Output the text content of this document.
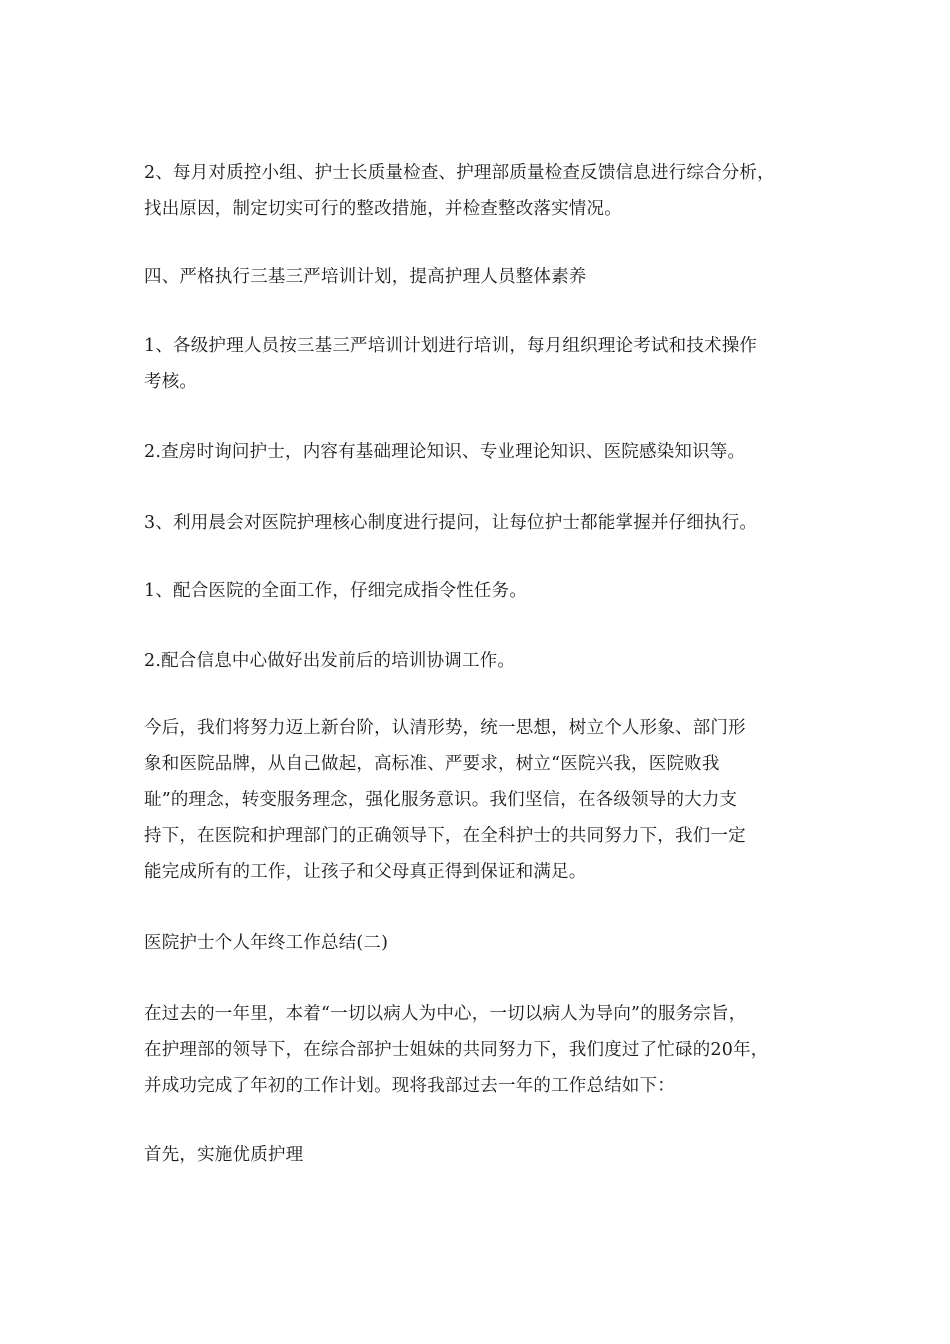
2、每月对质控小组、护士长质量检查、护理部质量检查反馈信息进行综合分析，
找出原因，制定切实可行的整改措施，并检查整改落实情况。
四、严格执行三基三严培训计划，提高护理人员整体素养
1、各级护理人员按三基三严培训计划进行培训，每月组织理论考试和技术操作
考核。
2.查房时询问护士，内容有基础理论知识、专业理论知识、医院感染知识等。
3、利用晨会对医院护理核心制度进行提问，让每位护士都能掌握并仔细执行。
1、配合医院的全面工作，仔细完成指令性任务。
2.配合信息中心做好出发前后的培训协调工作。
今后，我们将努力迈上新台阶，认清形势，统一思想，树立个人形象、部门形
象和医院品牌，从自己做起，高标准、严要求，树立“医院兴我，医院败我
耻”的理念，转变服务理念，强化服务意识。我们坚信，在各级领导的大力支
持下，在医院和护理部门的正确领导下，在全科护士的共同努力下，我们一定
能完成所有的工作，让孩子和父母真正得到保证和满足。
医院护士个人年终工作总结(二)
在过去的一年里，本着“一切以病人为中心，一切以病人为导向”的服务宗旨，
在护理部的领导下，在综合部护士姐妹的共同努力下，我们度过了忙碌的20年，
并成功完成了年初的工作计划。现将我部过去一年的工作总结如下：
首先，实施优质护理
